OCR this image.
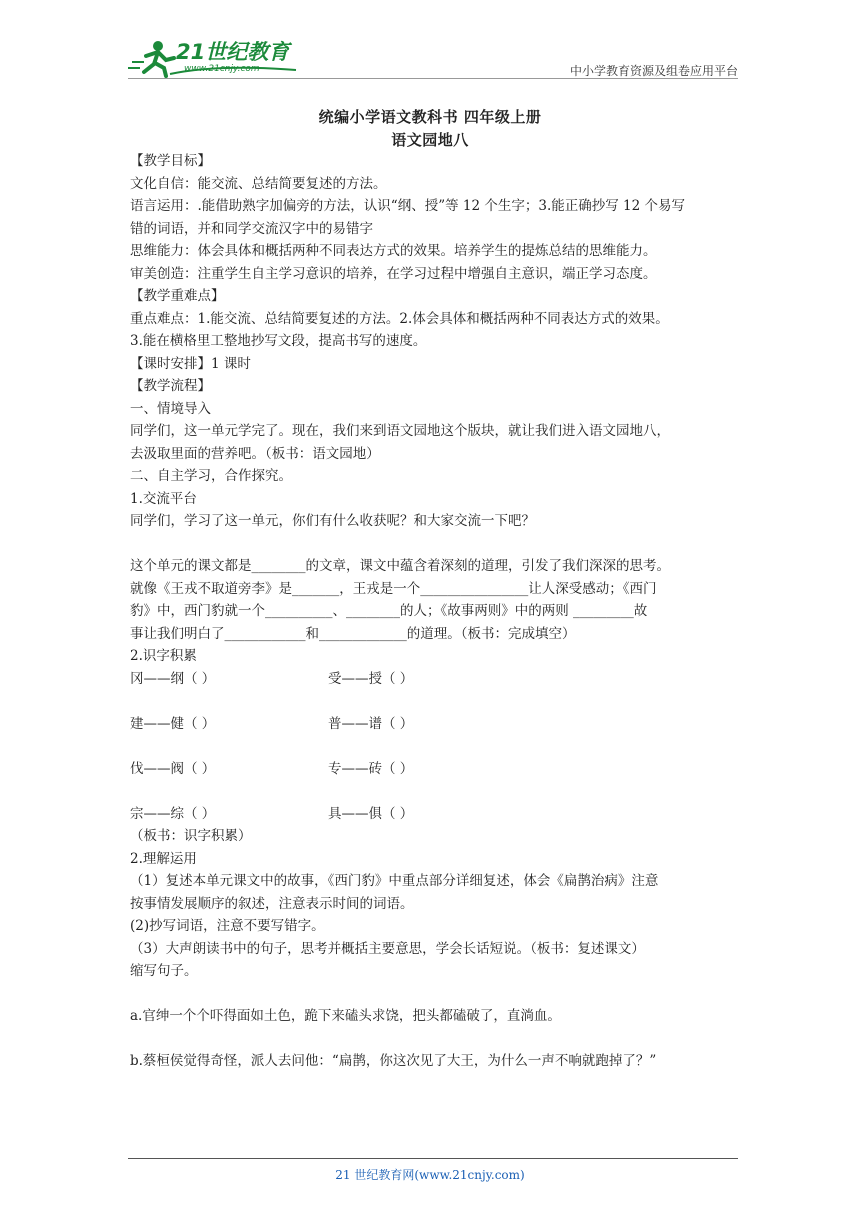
21世纪教育
www.21cnjy.com	中小学教育资源及组卷应用平台
统编小学语文教科书 四年级上册
语文园地八
【教学目标】
文化自信：能交流、总结简要复述的方法。
语言运用：.能借助熟字加偏旁的方法，认识“纲、授”等 12 个生字；3.能正确抄写 12 个易写
错的词语，并和同学交流汉字中的易错字
思维能力：体会具体和概括两种不同表达方式的效果。培养学生的提炼总结的思维能力。
审美创造：注重学生自主学习意识的培养，在学习过程中增强自主意识，端正学习态度。
【教学重难点】
重点难点：1.能交流、总结简要复述的方法。2.体会具体和概括两种不同表达方式的效果。
3.能在横格里工整地抄写文段，提高书写的速度。
【课时安排】1 课时
【教学流程】
一、情境导入
同学们，这一单元学完了。现在，我们来到语文园地这个版块，就让我们进入语文园地八，
去汲取里面的营养吧。（板书：语文园地）
二、自主学习，合作探究。
1.交流平台
同学们，学习了这一单元，你们有什么收获呢？和大家交流一下吧？
这个单元的课文都是________的文章，课文中蕴含着深刻的道理，引发了我们深深的思考。
就像《王戎不取道旁李》是_______，王戎是一个________________让人深受感动；《西门
豹》中，西门豹就一个__________、________的人；《故事两则》中的两则 _________故
事让我们明白了____________和_____________的道理。（板书：完成填空）
2.识字积累
冈——纲（ ）	受——授（ ）
建——健（ ）	普——谱（ ）
伐——阀（ ）	专——砖（ ）
宗——综（ ）	具——俱（ ）
（板书：识字积累）
2.理解运用
（1）复述本单元课文中的故事，《西门豹》中重点部分详细复述，体会《扁鹊治病》注意
按事情发展顺序的叙述，注意表示时间的词语。
(2)抄写词语，注意不要写错字。
（3）大声朗读书中的句子，思考并概括主要意思，学会长话短说。（板书：复述课文）
缩写句子。
a.官绅一个个吓得面如土色，跪下来磕头求饶，把头都磕破了，直淌血。
b.蔡桓侯觉得奇怪，派人去问他：“扁鹊，你这次见了大王，为什么一声不响就跑掉了？”
21 世纪教育网(www.21cnjy.com)
